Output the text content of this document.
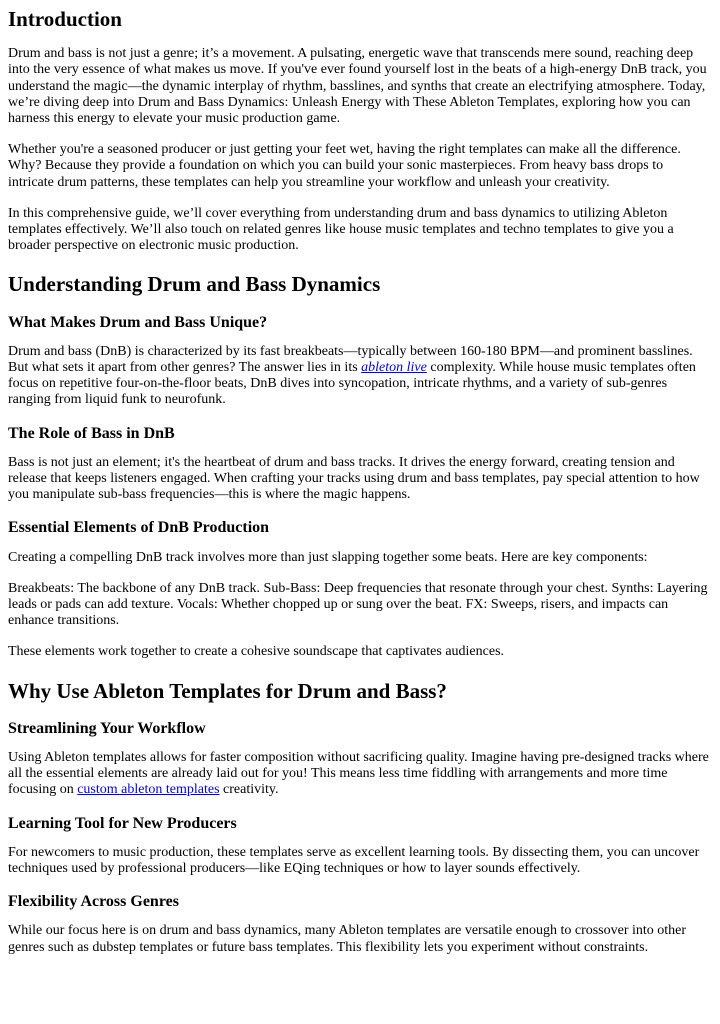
Introduction

Drum and bass is not just a genre; it’s a movement. A pulsating, energetic wave that transcends mere sound, reaching deep into the very essence of what makes us move. If you've ever found yourself lost in the beats of a high-energy DnB track, you understand the magic—the dynamic interplay of rhythm, basslines, and synths that create an electrifying atmosphere. Today, we’re diving deep into Drum and Bass Dynamics: Unleash Energy with These Ableton Templates, exploring how you can harness this energy to elevate your music production game.

Whether you're a seasoned producer or just getting your feet wet, having the right templates can make all the difference. Why? Because they provide a foundation on which you can build your sonic masterpieces. From heavy bass drops to intricate drum patterns, these templates can help you streamline your workflow and unleash your creativity.

In this comprehensive guide, we’ll cover everything from understanding drum and bass dynamics to utilizing Ableton templates effectively. We’ll also touch on related genres like house music templates and techno templates to give you a broader perspective on electronic music production.

Understanding Drum and Bass Dynamics
What Makes Drum and Bass Unique?

Drum and bass (DnB) is characterized by its fast breakbeats—typically between 160-180 BPM—and prominent basslines. But what sets it apart from other genres? The answer lies in its ableton live complexity. While house music templates often focus on repetitive four-on-the-floor beats, DnB dives into syncopation, intricate rhythms, and a variety of sub-genres ranging from liquid funk to neurofunk.

The Role of Bass in DnB

Bass is not just an element; it's the heartbeat of drum and bass tracks. It drives the energy forward, creating tension and release that keeps listeners engaged. When crafting your tracks using drum and bass templates, pay special attention to how you manipulate sub-bass frequencies—this is where the magic happens.

Essential Elements of DnB Production

Creating a compelling DnB track involves more than just slapping together some beats. Here are key components:

Breakbeats: The backbone of any DnB track. Sub-Bass: Deep frequencies that resonate through your chest. Synths: Layering leads or pads can add texture. Vocals: Whether chopped up or sung over the beat. FX: Sweeps, risers, and impacts can enhance transitions.

These elements work together to create a cohesive soundscape that captivates audiences.

Why Use Ableton Templates for Drum and Bass?
Streamlining Your Workflow

Using Ableton templates allows for faster composition without sacrificing quality. Imagine having pre-designed tracks where all the essential elements are already laid out for you! This means less time fiddling with arrangements and more time focusing on custom ableton templates creativity.

Learning Tool for New Producers

For newcomers to music production, these templates serve as excellent learning tools. By dissecting them, you can uncover techniques used by professional producers—like EQing techniques or how to layer sounds effectively.

Flexibility Across Genres

While our focus here is on drum and bass dynamics, many Ableton templates are versatile enough to crossover into other genres such as dubstep templates or future bass templates. This flexibility lets you experiment without constraints.
